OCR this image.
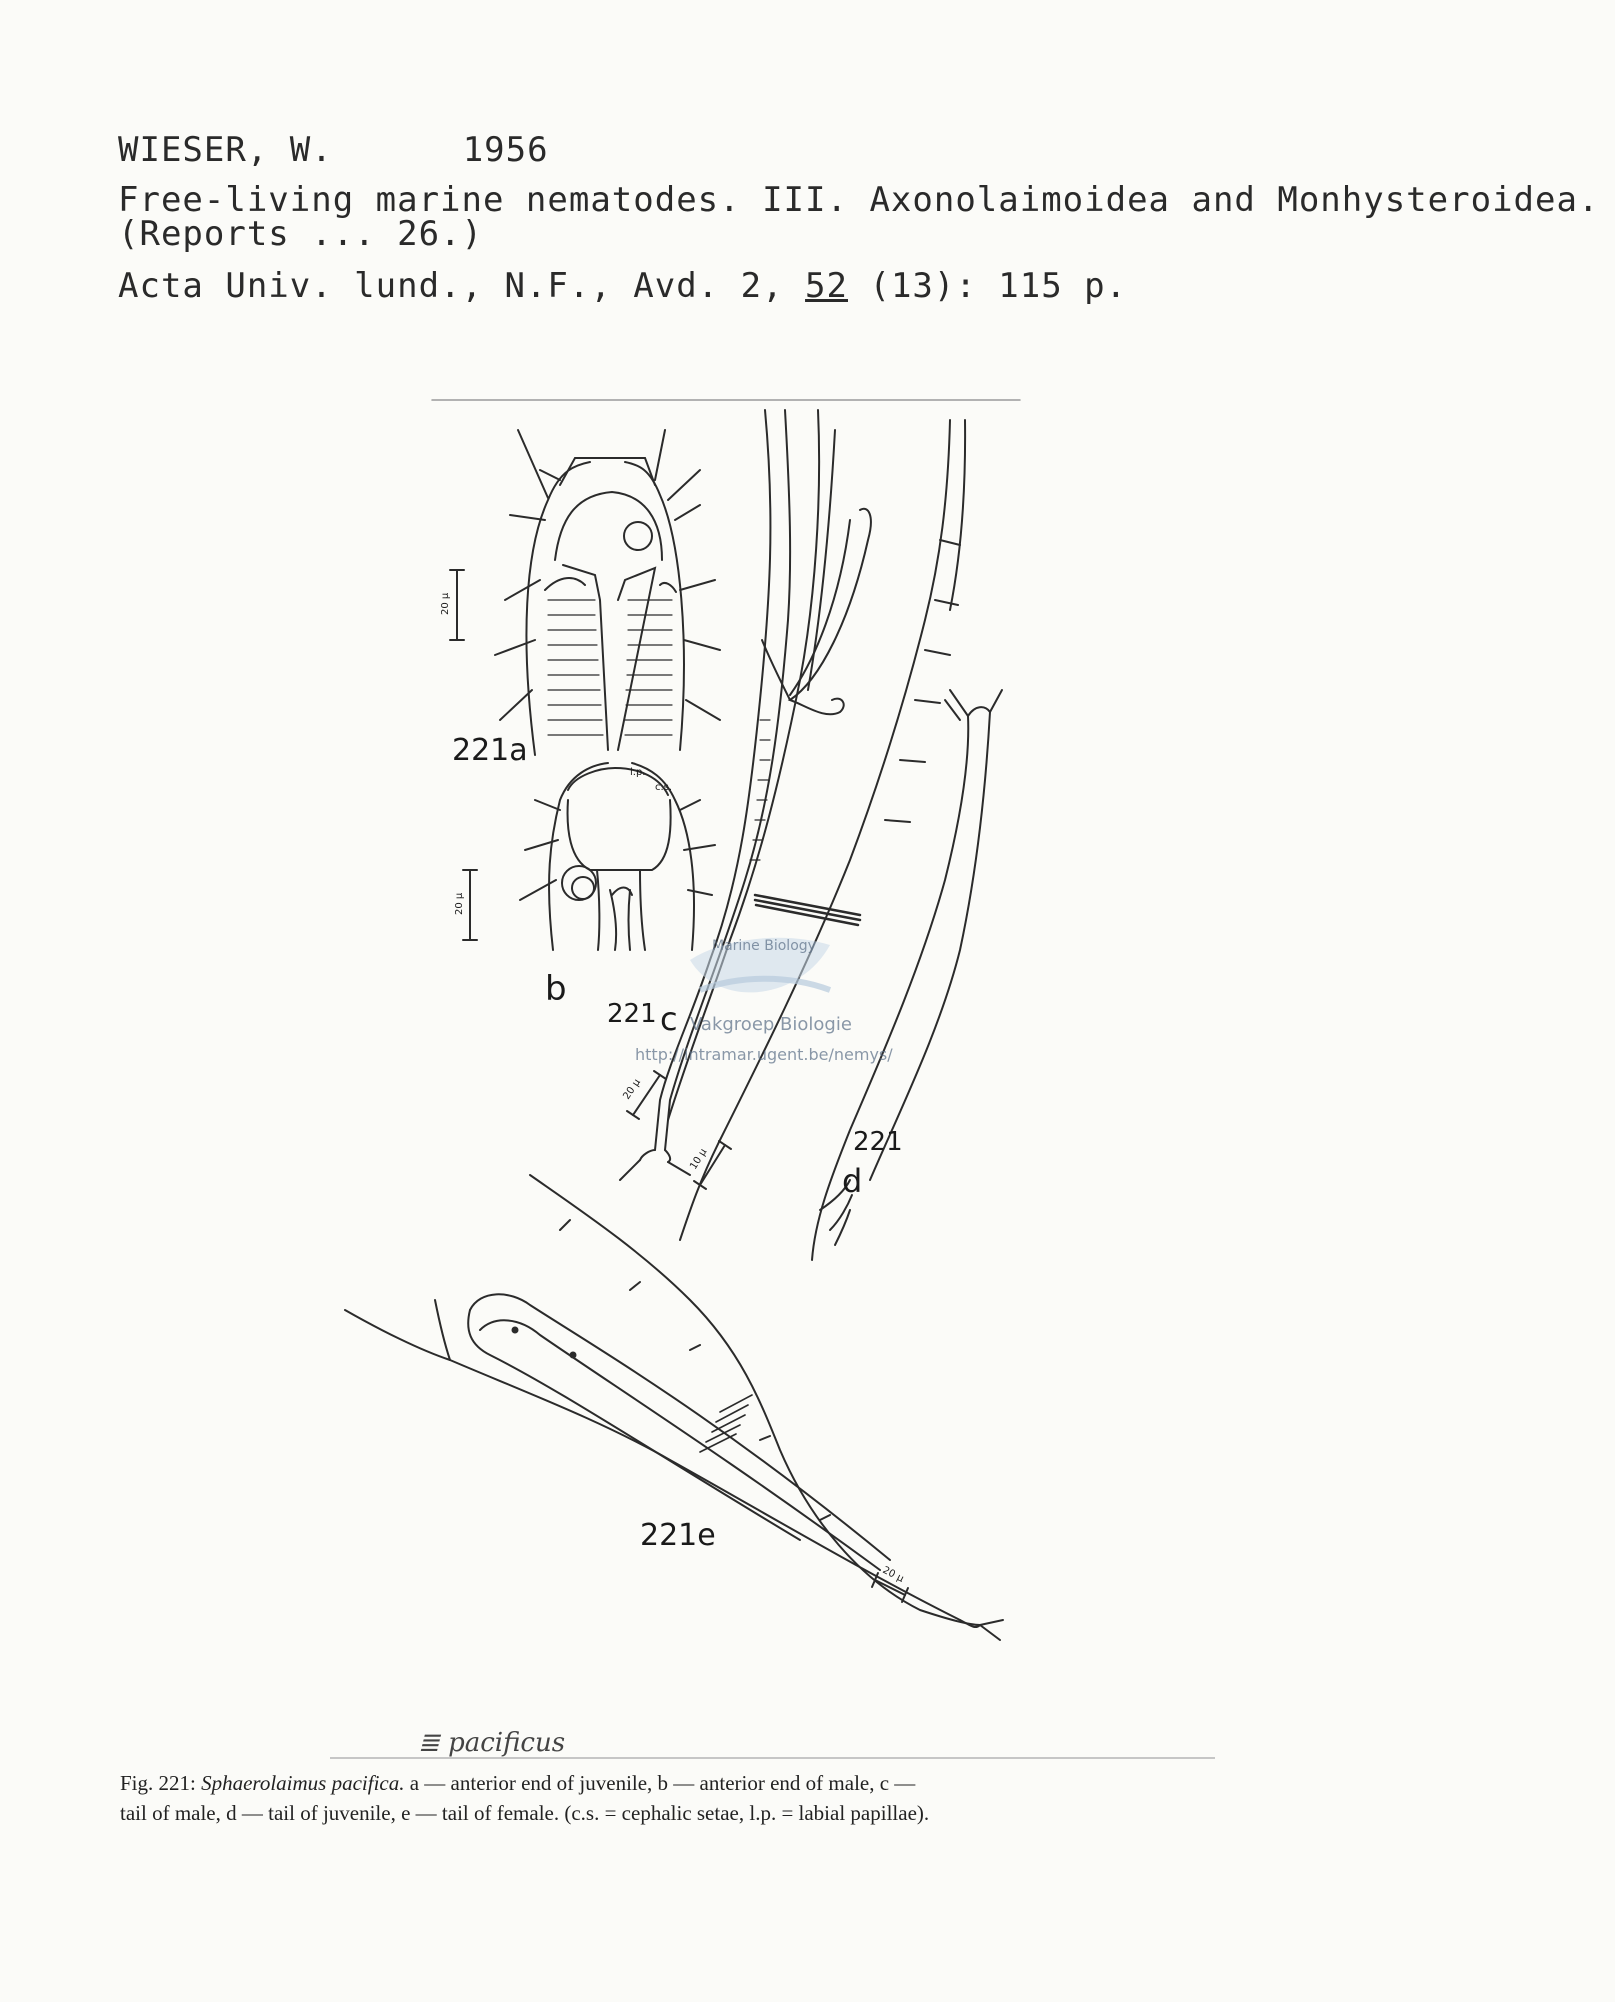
WIESER, W.	1956
Free-living marine nematodes. III. Axonolaimoidea and Monhysteroidea.
(Reports ... 26.)
Acta Univ. lund., N.F., Avd. 2, 52 (13): 115 p.
Marine Biology
Vakgroep Biologie
http://intramar.ugent.be/nemys/
221a
b
221 c
221
d
221e
20 µ
20 µ
20 µ
10 µ
20 µ
l.p.
c.s.
≣ pacificus
Fig. 221: Sphaerolaimus pacifica. a — anterior end of juvenile, b — anterior end of male, c —
tail of male, d — tail of juvenile, e — tail of female. (c.s. = cephalic setae, l.p. = labial papillae).
